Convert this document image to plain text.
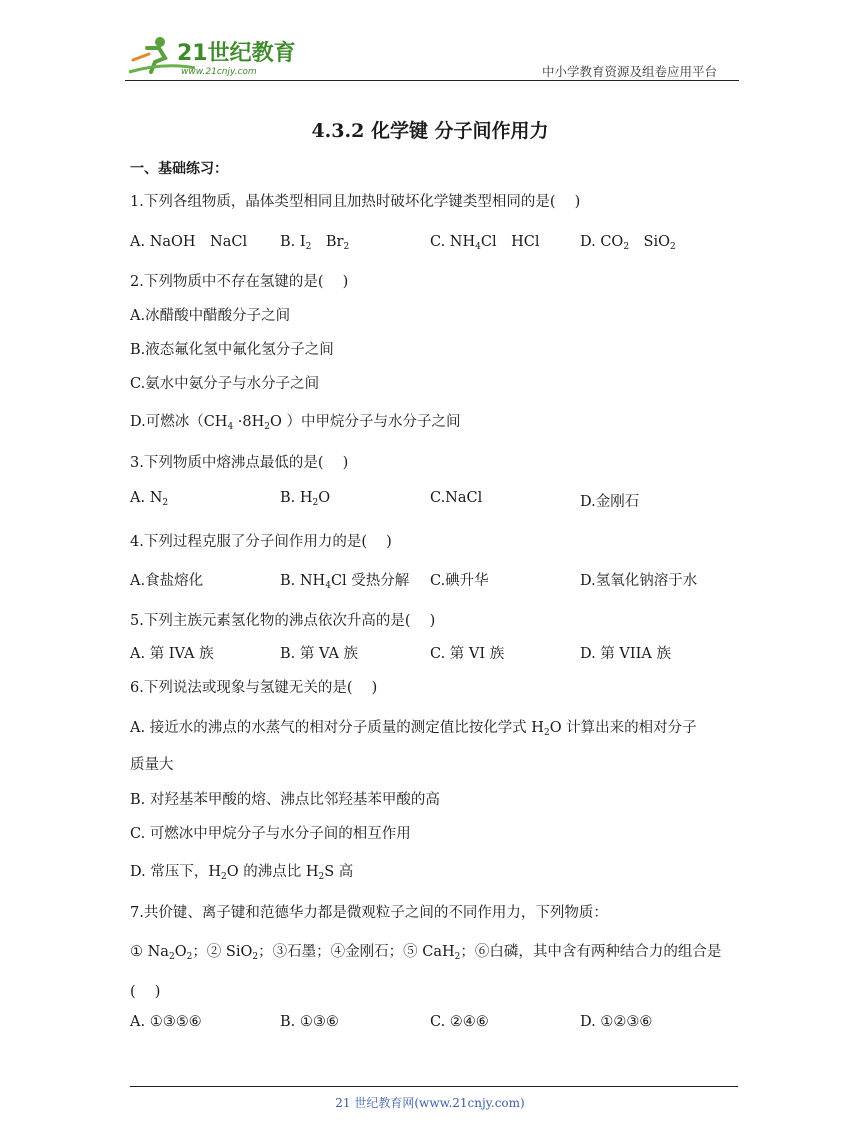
21世纪教育
www.21cnjy.com	中小学教育资源及组卷应用平台
4.3.2 化学键 分子间作用力
一、基础练习：
1.下列各组物质，晶体类型相同且加热时破坏化学键类型相同的是(　 )
A. NaOH　NaCl B. $I_2$　$Br_2$	C. $NH_4Cl$　HCl	D. $CO_2$　SiO$_2$
2.下列物质中不存在氢键的是(　 )
A.冰醋酸中醋酸分子之间
B.液态氟化氢中氟化氢分子之间
C.氨水中氨分子与水分子之间
D.可燃冰（$CH_4 \cdot 8H_2O$ ）中甲烷分子与水分子之间
3.下列物质中熔沸点最低的是(　 )
A. $N_2$	B. $H_2O$	C.NaCl	D.金刚石
4.下列过程克服了分子间作用力的是(　 )
A.食盐熔化	B. $NH_4Cl$ 受热分解 C.碘升华	D.氢氧化钠溶于水
5.下列主族元素氢化物的沸点依次升高的是(　 )
A. 第 IVA 族	B. 第 VA 族	C. 第 VI 族	D. 第 VIIA 族
6.下列说法或现象与氢键无关的是(　 )
A. 接近水的沸点的水蒸气的相对分子质量的测定值比按化学式 $H_2O$ 计算出来的相对分子
质量大
B. 对羟基苯甲酸的熔、沸点比邻羟基苯甲酸的高
C. 可燃冰中甲烷分子与水分子间的相互作用
D. 常压下，$H_2O$ 的沸点比 $H_2S$ 高
7.共价键、离子键和范德华力都是微观粒子之间的不同作用力，下列物质：
① $Na_2O_2$；② SiO$_2$；③石墨；④金刚石；⑤ CaH$_2$；⑥白磷，其中含有两种结合力的组合是
(　 )
A. ①③⑤⑥	B. ①③⑥	C. ②④⑥	D. ①②③⑥
21 世纪教育网(www.21cnjy.com)
